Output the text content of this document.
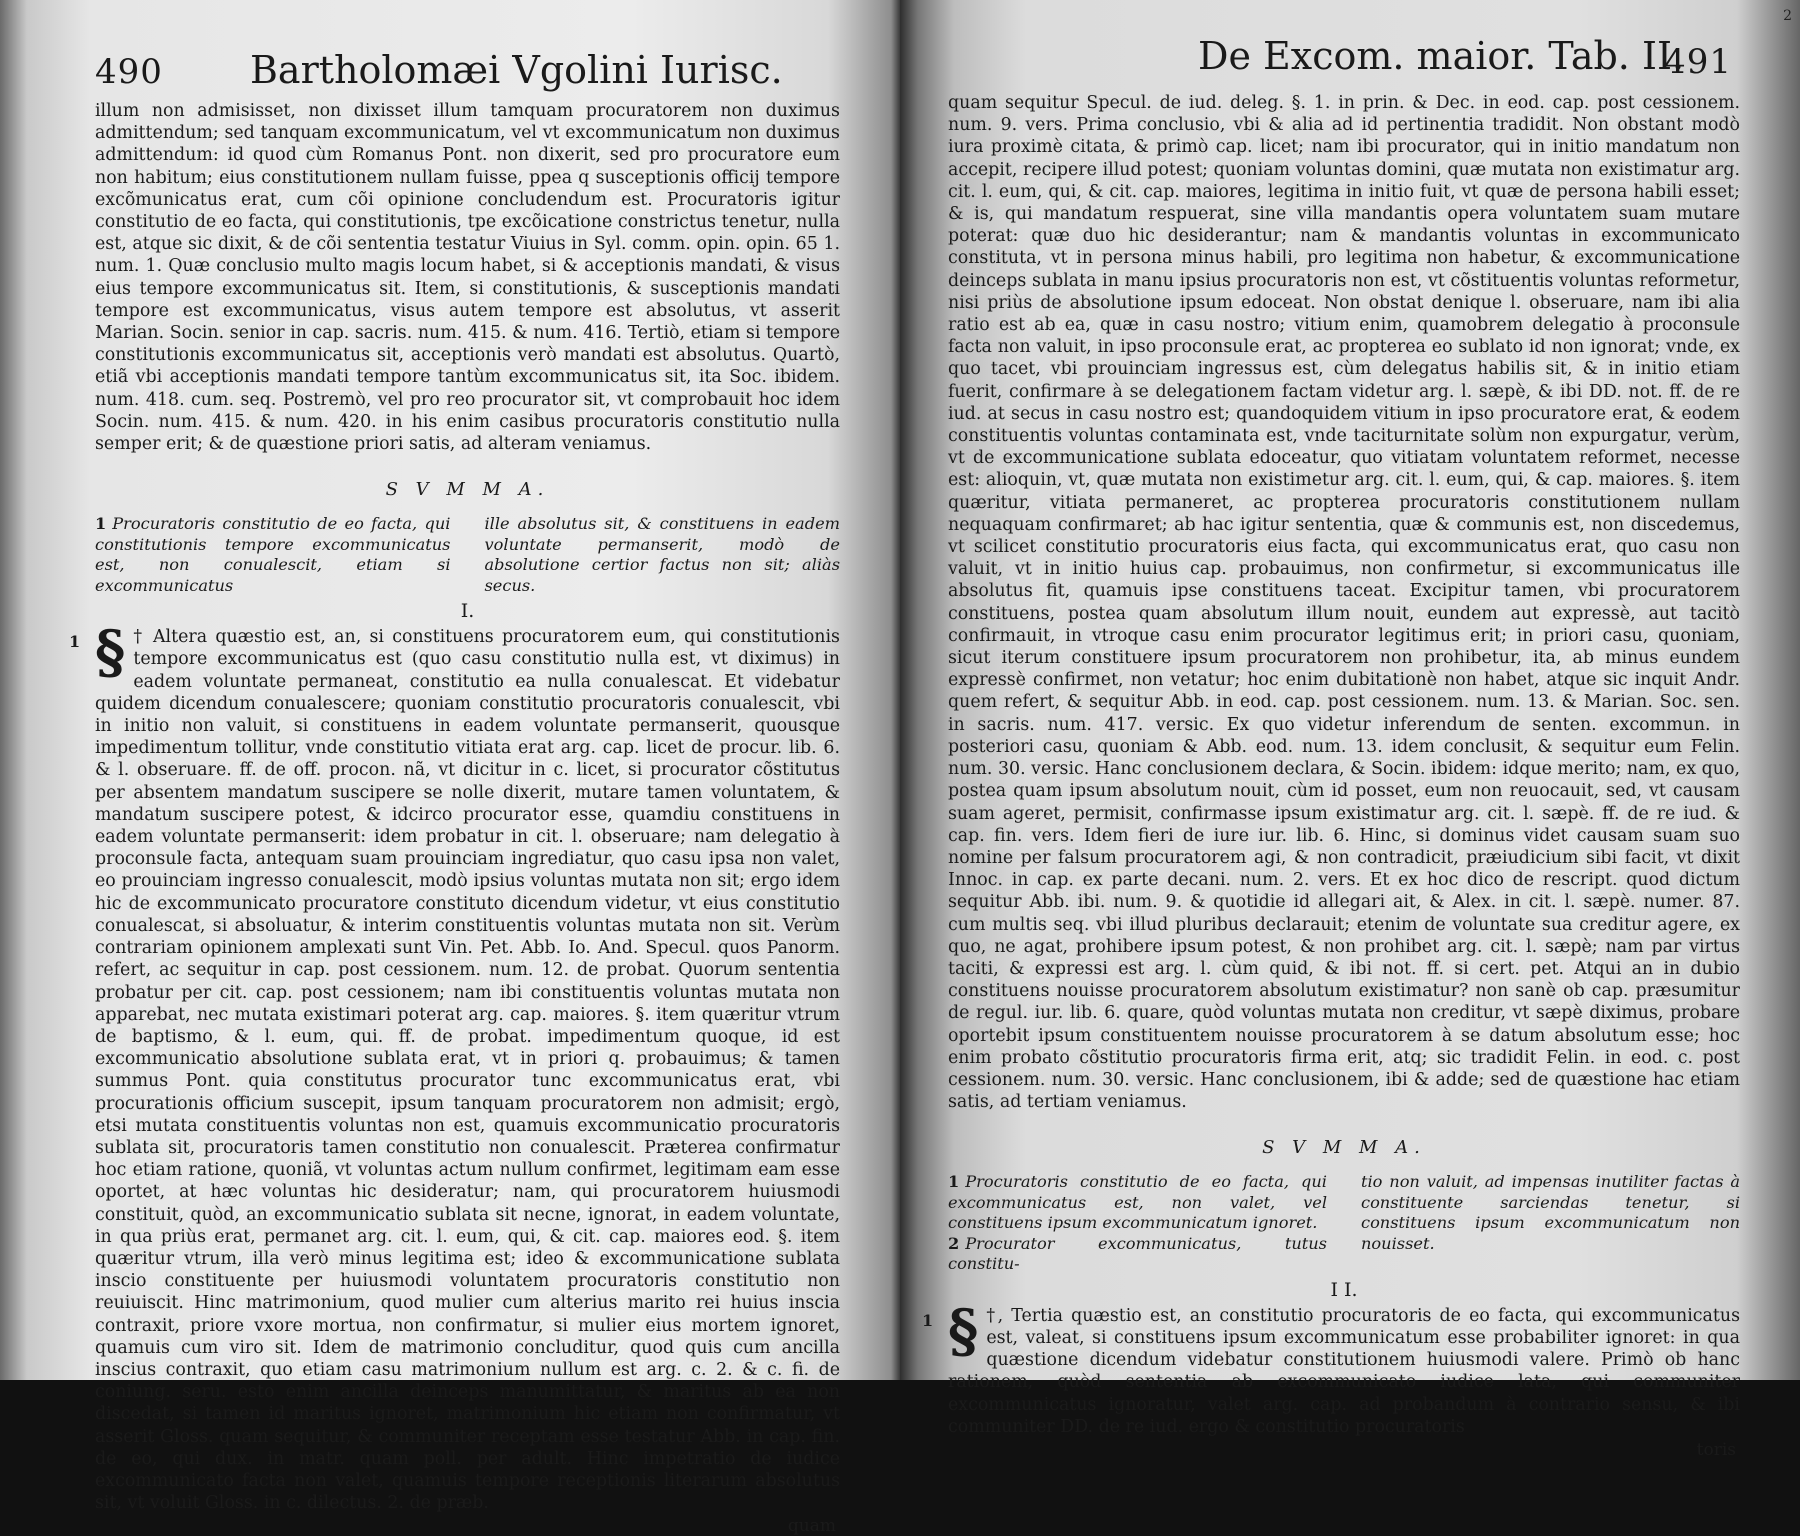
490 Bartholomæi Vgolini Iurisc.

illum non admisisset, non dixisset illum tamquam procuratorem non duximus admittendum; sed tanquam excommunicatum, vel vt excommunicatum non duximus admittendum: id quod cùm Romanus Pont. non dixerit, sed pro procuratore eum non habitum; eius constitutionem nullam fuisse, ppea q susceptionis officij tempore excõmunicatus erat, cum cõi opinione concludendum est. Procuratoris igitur constitutio de eo facta, qui constitutionis, tpe excõicatione constrictus tenetur, nulla est, atque sic dixit, & de cõi sententia testatur Viuius in Syl. comm. opin. opin. 65 1. num. 1. Quæ conclusio multo magis locum habet, si & acceptionis mandati, & visus eius tempore excommunicatus sit. Item, si constitutionis, & susceptionis mandati tempore est excommunicatus, visus autem tempore est absolutus, vt asserit Marian. Socin. senior in cap. sacris. num. 415. & num. 416. Tertiò, etiam si tempore constitutionis excommunicatus sit, acceptionis verò mandati est absolutus. Quartò, etiã vbi acceptionis mandati tempore tantùm excommunicatus sit, ita Soc. ibidem. num. 418. cum. seq. Postremò, vel pro reo procurator sit, vt comprobauit hoc idem Socin. num. 415. & num. 420. in his enim casibus procuratoris constitutio nulla semper erit; & de quæstione priori satis, ad alteram veniamus.

S V M M A.
1 Procuratoris constitutio de eo facta, qui constitutionis tempore excommunicatus est, non conualescit, etiam si excommunicatus
ille absolutus sit, & constituens in eadem voluntate permanserit, modò de absolutione certior factus non sit; aliàs secus.
I.
1 § † Altera quæstio est, an, si constituens procuratorem eum, qui constitutionis tempore excommunicatus est (quo casu constitutio nulla est, vt diximus) in eadem voluntate permaneat, constitutio ea nulla conualescat. Et videbatur quidem dicendum conualescere; quoniam constitutio procuratoris conualescit, vbi in initio non valuit, si constituens in eadem voluntate permanserit, quousque impedimentum tollitur, vnde constitutio vitiata erat arg. cap. licet de procur. lib. 6. & l. obseruare. ff. de off. procon. nã, vt dicitur in c. licet, si procurator cõstitutus per absentem mandatum suscipere se nolle dixerit, mutare tamen voluntatem, & mandatum suscipere potest, & idcirco procurator esse, quamdiu constituens in eadem voluntate permanserit: idem probatur in cit. l. obseruare; nam delegatio à proconsule facta, antequam suam prouinciam ingrediatur, quo casu ipsa non valet, eo prouinciam ingresso conualescit, modò ipsius voluntas mutata non sit; ergo idem hic de excommunicato procuratore constituto dicendum videtur, vt eius constitutio conualescat, si absoluatur, & interim constituentis voluntas mutata non sit. Verùm contrariam opinionem amplexati sunt Vin. Pet. Abb. Io. And. Specul. quos Panorm. refert, ac sequitur in cap. post cessionem. num. 12. de probat. Quorum sententia probatur per cit. cap. post cessionem; nam ibi constituentis voluntas mutata non apparebat, nec mutata existimari poterat arg. cap. maiores. §. item quæritur vtrum de baptismo, & l. eum, qui. ff. de probat. impedimentum quoque, id est excommunicatio absolutione sublata erat, vt in priori q. probauimus; & tamen summus Pont. quia constitutus procurator tunc excommunicatus erat, vbi procurationis officium suscepit, ipsum tanquam procuratorem non admisit; ergò, etsi mutata constituentis voluntas non est, quamuis excommunicatio procuratoris sublata sit, procuratoris tamen constitutio non conualescit. Præterea confirmatur hoc etiam ratione, quoniã, vt voluntas actum nullum confirmet, legitimam eam esse oportet, at hæc voluntas hic desideratur; nam, qui procuratorem huiusmodi constituit, quòd, an excommunicatio sublata sit necne, ignorat, in eadem voluntate, in qua priùs erat, permanet arg. cit. l. eum, qui, & cit. cap. maiores eod. §. item quæritur vtrum, illa verò minus legitima est; ideo & excommunicatione sublata inscio constituente per huiusmodi voluntatem procuratoris constitutio non reuiuiscit. Hinc matrimonium, quod mulier cum alterius marito rei huius inscia contraxit, priore vxore mortua, non confirmatur, si mulier eius mortem ignoret, quamuis cum viro sit. Idem de matrimonio concluditur, quod quis cum ancilla inscius contraxit, quo etiam casu matrimonium nullum est arg. c. 2. & c. fi. de coniung. seru. esto enim ancilla deinceps manumittatur, & maritus ab ea non discedat, si tamen id maritus ignoret, matrimonium hic etiam non confirmatur, vt asserit Gloss. quam sequitur, & communiter receptam esse testatur Abb. in cap. fin. de eo, qui dux. in matr. quam poll. per adult. Hinc impetratio de iudice excommunicato facta non valet, quamuis tempore receptionis literarum absolutus sit, vt voluit Gloss. in c. dilectus. 2. de præb.

quam
2
De Excom. maior. Tab. II.
491

quam sequitur Specul. de iud. deleg. §. 1. in prin. & Dec. in eod. cap. post cessionem. num. 9. vers. Prima conclusio, vbi & alia ad id pertinentia tradidit. Non obstant modò iura proximè citata, & primò cap. licet; nam ibi procurator, qui in initio mandatum non accepit, recipere illud potest; quoniam voluntas domini, quæ mutata non existimatur arg. cit. l. eum, qui, & cit. cap. maiores, legitima in initio fuit, vt quæ de persona habili esset; & is, qui mandatum respuerat, sine villa mandantis opera voluntatem suam mutare poterat: quæ duo hic desiderantur; nam & mandantis voluntas in excommunicato constituta, vt in persona minus habili, pro legitima non habetur, & excommunicatione deinceps sublata in manu ipsius procuratoris non est, vt cõstituentis voluntas reformetur, nisi priùs de absolutione ipsum edoceat. Non obstat denique l. obseruare, nam ibi alia ratio est ab ea, quæ in casu nostro; vitium enim, quamobrem delegatio à proconsule facta non valuit, in ipso proconsule erat, ac propterea eo sublato id non ignorat; vnde, ex quo tacet, vbi prouinciam ingressus est, cùm delegatus habilis sit, & in initio etiam fuerit, confirmare à se delegationem factam videtur arg. l. sæpè, & ibi DD. not. ff. de re iud. at secus in casu nostro est; quandoquidem vitium in ipso procuratore erat, & eodem constituentis voluntas contaminata est, vnde taciturnitate solùm non expurgatur, verùm, vt de excommunicatione sublata edoceatur, quo vitiatam voluntatem reformet, necesse est: alioquin, vt, quæ mutata non existimetur arg. cit. l. eum, qui, & cap. maiores. §. item quæritur, vitiata permaneret, ac propterea procuratoris constitutionem nullam nequaquam confirmaret; ab hac igitur sententia, quæ & communis est, non discedemus, vt scilicet constitutio procuratoris eius facta, qui excommunicatus erat, quo casu non valuit, vt in initio huius cap. probauimus, non confirmetur, si excommunicatus ille absolutus fit, quamuis ipse constituens taceat. Excipitur tamen, vbi procuratorem constituens, postea quam absolutum illum nouit, eundem aut expressè, aut tacitò confirmauit, in vtroque casu enim procurator legitimus erit; in priori casu, quoniam, sicut iterum constituere ipsum procuratorem non prohibetur, ita, ab minus eundem expressè confirmet, non vetatur; hoc enim dubitationè non habet, atque sic inquit Andr. quem refert, & sequitur Abb. in eod. cap. post cessionem. num. 13. & Marian. Soc. sen. in sacris. num. 417. versic. Ex quo videtur inferendum de senten. excommun. in posteriori casu, quoniam & Abb. eod. num. 13. idem conclusit, & sequitur eum Felin. num. 30. versic. Hanc conclusionem declara, & Socin. ibidem: idque merito; nam, ex quo, postea quam ipsum absolutum nouit, cùm id posset, eum non reuocauit, sed, vt causam suam ageret, permisit, confirmasse ipsum existimatur arg. cit. l. sæpè. ff. de re iud. & cap. fin. vers. Idem fieri de iure iur. lib. 6. Hinc, si dominus videt causam suam suo nomine per falsum procuratorem agi, & non contradicit, præiudicium sibi facit, vt dixit Innoc. in cap. ex parte decani. num. 2. vers. Et ex hoc dico de rescript. quod dictum sequitur Abb. ibi. num. 9. & quotidie id allegari ait, & Alex. in cit. l. sæpè. numer. 87. cum multis seq. vbi illud pluribus declarauit; etenim de voluntate sua creditur agere, ex quo, ne agat, prohibere ipsum potest, & non prohibet arg. cit. l. sæpè; nam par virtus taciti, & expressi est arg. l. cùm quid, & ibi not. ff. si cert. pet. Atqui an in dubio constituens nouisse procuratorem absolutum existimatur? non sanè ob cap. præsumitur de regul. iur. lib. 6. quare, quòd voluntas mutata non creditur, vt sæpè diximus, probare oportebit ipsum constituentem nouisse procuratorem à se datum absolutum esse; hoc enim probato cõstitutio procuratoris firma erit, atq; sic tradidit Felin. in eod. c. post cessionem. num. 30. versic. Hanc conclusionem, ibi & adde; sed de quæstione hac etiam satis, ad tertiam veniamus.

S V M M A.
1 Procuratoris constitutio de eo facta, qui excommunicatus est, non valet, vel constituens ipsum excommunicatum ignoret.
2 Procurator excommunicatus, tutus constitu-
tio non valuit, ad impensas inutiliter factas à constituente sarciendas tenetur, si constituens ipsum excommunicatum non nouisset.
I I.
1 § †, Tertia quæstio est, an constitutio procuratoris de eo facta, qui excommunicatus est, valeat, si constituens ipsum excommunicatum esse probabiliter ignoret: in qua quæstione dicendum videbatur constitutionem huiusmodi valere. Primò ob hanc rationem, quòd sententia ab excommunicato iudice lata, qui communiter excommunicatus ignoratur, valet arg. cap. ad probandum à contrario sensu, & ibi communiter DD. de re iud. ergo & constitutio procuratoris

toris
